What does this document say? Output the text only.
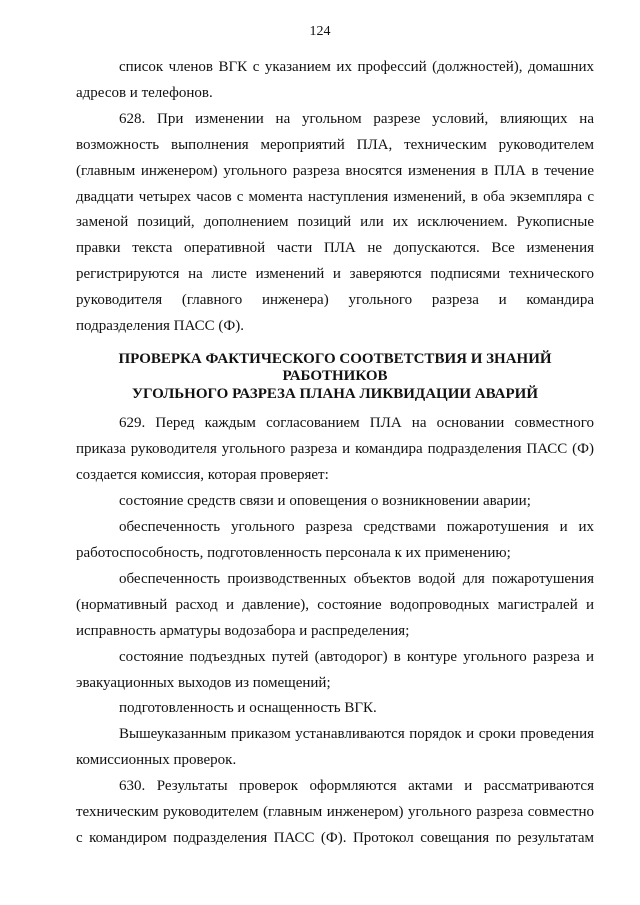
124

список членов ВГК с указанием их профессий (должностей), домашних адресов и телефонов.

628. При изменении на угольном разрезе условий, влияющих на возможность выполнения мероприятий ПЛА, техническим руководителем (главным инженером) угольного разреза вносятся изменения в ПЛА в течение двадцати четырех часов с момента наступления изменений, в оба экземпляра с заменой позиций, дополнением позиций или их исключением. Рукописные правки текста оперативной части ПЛА не допускаются. Все изменения регистрируются на листе изменений и заверяются подписями технического руководителя (главного инженера) угольного разреза и командира подразделения ПАСС (Ф).

ПРОВЕРКА ФАКТИЧЕСКОГО СООТВЕТСТВИЯ И ЗНАНИЙ РАБОТНИКОВ
УГОЛЬНОГО РАЗРЕЗА ПЛАНА ЛИКВИДАЦИИ АВАРИЙ

629. Перед каждым согласованием ПЛА на основании совместного приказа руководителя угольного разреза и командира подразделения ПАСС (Ф) создается комиссия, которая проверяет:

состояние средств связи и оповещения о возникновении аварии;

обеспеченность угольного разреза средствами пожаротушения и их работоспособность, подготовленность персонала к их применению;

обеспеченность производственных объектов водой для пожаротушения (нормативный расход и давление), состояние водопроводных магистралей и исправность арматуры водозабора и распределения;

состояние подъездных путей (автодорог) в контуре угольного разреза и эвакуационных выходов из помещений;

подготовленность и оснащенность ВГК.

Вышеуказанным приказом устанавливаются порядок и сроки проведения комиссионных проверок.

630. Результаты проверок оформляются актами и рассматриваются техническим руководителем (главным инженером) угольного разреза совместно с командиром подразделения ПАСС (Ф). Протокол совещания по результатам
